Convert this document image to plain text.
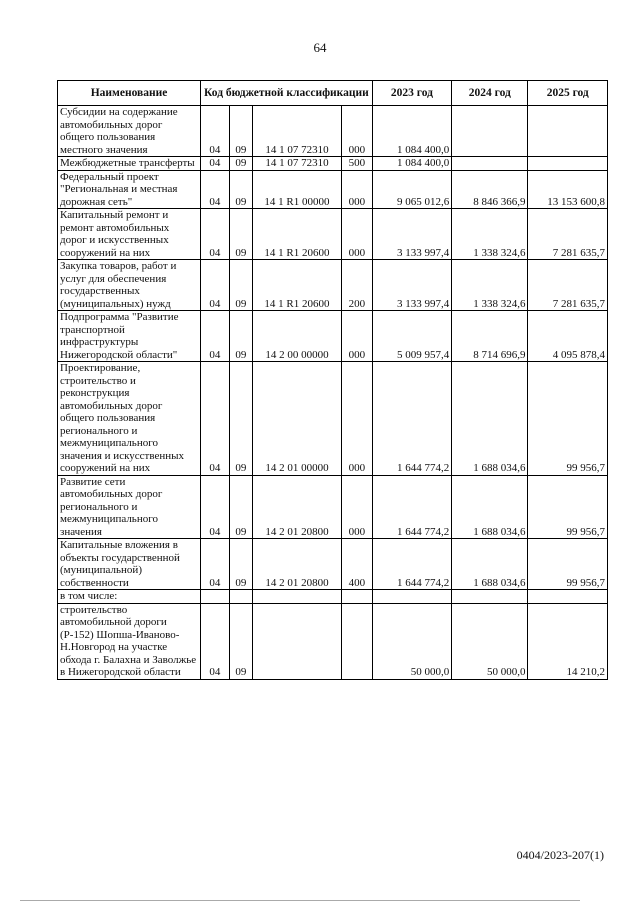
64
Наименование	Код бюджетной классификации				2023 год	2024 год	2025 год
Субсидии на содержание автомобильных дорог общего пользования местного значения	04	09	14 1 07 72310	000	1 084 400,0		
Межбюджетные трансферты	04	09	14 1 07 72310	500	1 084 400,0		
Федеральный проект "Региональная и местная дорожная сеть"	04	09	14 1 R1 00000	000	9 065 012,6	8 846 366,9	13 153 600,8
Капитальный ремонт и ремонт автомобильных дорог и искусственных сооружений на них	04	09	14 1 R1 20600	000	3 133 997,4	1 338 324,6	7 281 635,7
Закупка товаров, работ и услуг для обеспечения государственных (муниципальных) нужд	04	09	14 1 R1 20600	200	3 133 997,4	1 338 324,6	7 281 635,7
Подпрограмма "Развитие транспортной инфраструктуры Нижегородской области"	04	09	14 2 00 00000	000	5 009 957,4	8 714 696,9	4 095 878,4
Проектирование, строительство и реконструкция автомобильных дорог общего пользования регионального и межмуниципального значения и искусственных сооружений на них	04	09	14 2 01 00000	000	1 644 774,2	1 688 034,6	99 956,7
Развитие сети автомобильных дорог регионального и межмуниципального значения	04	09	14 2 01 20800	000	1 644 774,2	1 688 034,6	99 956,7
Капитальные вложения в объекты государственной (муниципальной) собственности	04	09	14 2 01 20800	400	1 644 774,2	1 688 034,6	99 956,7
в том числе:							
строительство автомобильной дороги (Р-152) Шопша-Иваново-Н.Новгород на участке обхода г. Балахна и Заволжье в Нижегородской области	04	09			50 000,0	50 000,0	14 210,2
0404/2023-207(1)
